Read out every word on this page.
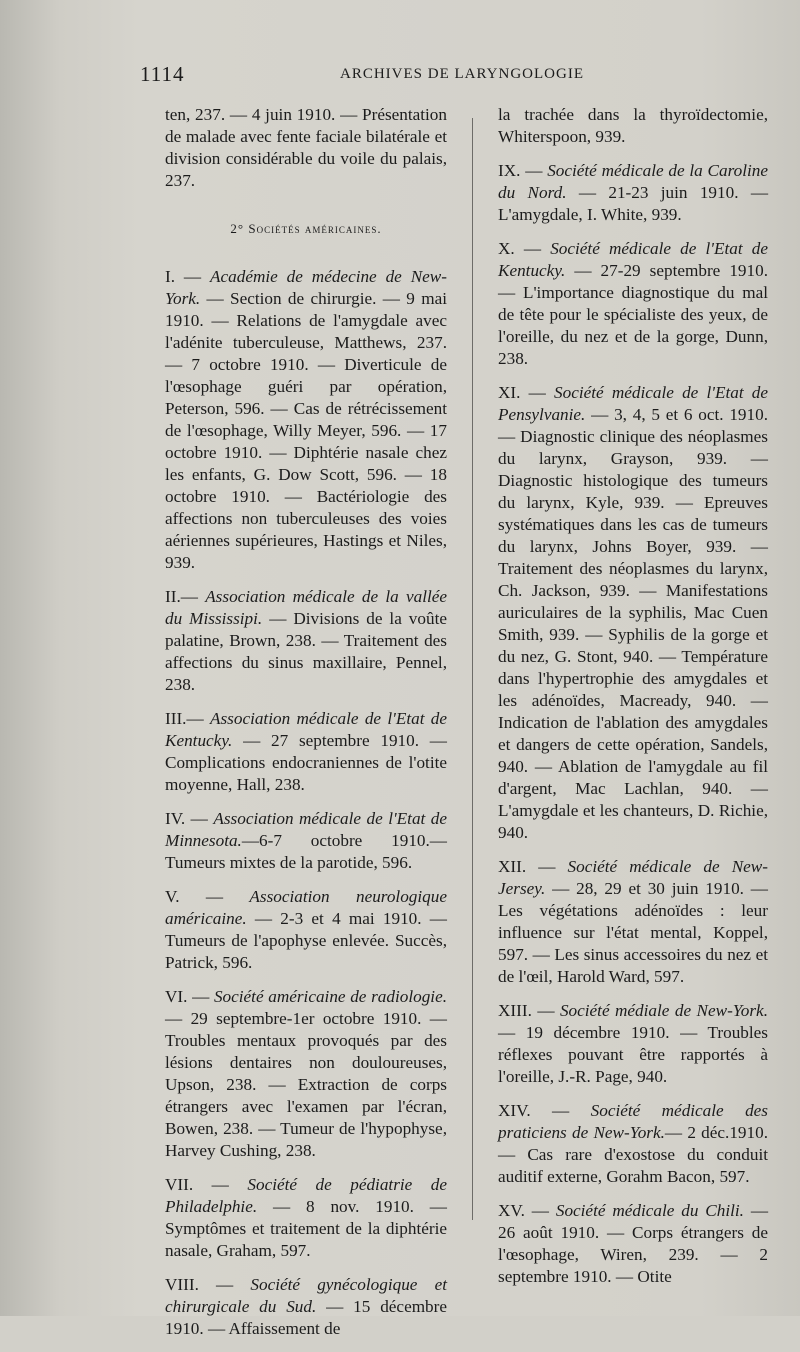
1114	ARCHIVES DE LARYNGOLOGIE

ten, 237. — 4 juin 1910. — Présentation de malade avec fente faciale bilatérale et division considérable du voile du palais, 237.

2° Sociétés américaines.

I. — Académie de médecine de New-York. — Section de chirurgie. — 9 mai 1910. — Relations de l'amygdale avec l'adénite tuberculeuse, Matthews, 237. — 7 octobre 1910. — Diverticule de l'œsophage guéri par opération, Peterson, 596. — Cas de rétrécissement de l'œsophage, Willy Meyer, 596. — 17 octobre 1910. — Diphtérie nasale chez les enfants, G. Dow Scott, 596. — 18 octobre 1910. — Bactériologie des affections non tuberculeuses des voies aériennes supérieures, Hastings et Niles, 939.

II.— Association médicale de la vallée du Mississipi. — Divisions de la voûte palatine, Brown, 238. — Traitement des affections du sinus maxillaire, Pennel, 238.

III.— Association médicale de l'Etat de Kentucky. — 27 septembre 1910. — Complications endocraniennes de l'otite moyenne, Hall, 238.

IV. — Association médicale de l'Etat de Minnesota.—6-7 octobre 1910.— Tumeurs mixtes de la parotide, 596.

V. — Association neurologique américaine. — 2-3 et 4 mai 1910. — Tumeurs de l'apophyse enlevée. Succès, Patrick, 596.

VI. — Société américaine de radiologie. — 29 septembre-1er octobre 1910. — Troubles mentaux provoqués par des lésions dentaires non douloureuses, Upson, 238. — Extraction de corps étrangers avec l'examen par l'écran, Bowen, 238. — Tumeur de l'hypophyse, Harvey Cushing, 238.

VII. — Société de pédiatrie de Philadelphie. — 8 nov. 1910. — Symptômes et traitement de la diphtérie nasale, Graham, 597.

VIII. — Société gynécologique et chirurgicale du Sud. — 15 décembre 1910. — Affaissement de

la trachée dans la thyroïdectomie, Whiterspoon, 939.

IX. — Société médicale de la Caroline du Nord. — 21-23 juin 1910. — L'amygdale, I. White, 939.

X. — Société médicale de l'Etat de Kentucky. — 27-29 septembre 1910. — L'importance diagnostique du mal de tête pour le spécialiste des yeux, de l'oreille, du nez et de la gorge, Dunn, 238.

XI. — Société médicale de l'Etat de Pensylvanie. — 3, 4, 5 et 6 oct. 1910. — Diagnostic clinique des néoplasmes du larynx, Grayson, 939. — Diagnostic histologique des tumeurs du larynx, Kyle, 939. — Epreuves systématiques dans les cas de tumeurs du larynx, Johns Boyer, 939. — Traitement des néoplasmes du larynx, Ch. Jackson, 939. — Manifestations auriculaires de la syphilis, Mac Cuen Smith, 939. — Syphilis de la gorge et du nez, G. Stont, 940. — Température dans l'hypertrophie des amygdales et les adénoïdes, Macready, 940. — Indication de l'ablation des amygdales et dangers de cette opération, Sandels, 940. — Ablation de l'amygdale au fil d'argent, Mac Lachlan, 940. — L'amygdale et les chanteurs, D. Richie, 940.

XII. — Société médicale de New-Jersey. — 28, 29 et 30 juin 1910. — Les végétations adénoïdes : leur influence sur l'état mental, Koppel, 597. — Les sinus accessoires du nez et de l'œil, Harold Ward, 597.

XIII. — Société médiale de New-York. — 19 décembre 1910. — Troubles réflexes pouvant être rapportés à l'oreille, J.-R. Page, 940.

XIV. — Société médicale des praticiens de New-York.— 2 déc.1910. — Cas rare d'exostose du conduit auditif externe, Gorahm Bacon, 597.

XV. — Société médicale du Chili. — 26 août 1910. — Corps étrangers de l'œsophage, Wiren, 239. — 2 septembre 1910. — Otite
